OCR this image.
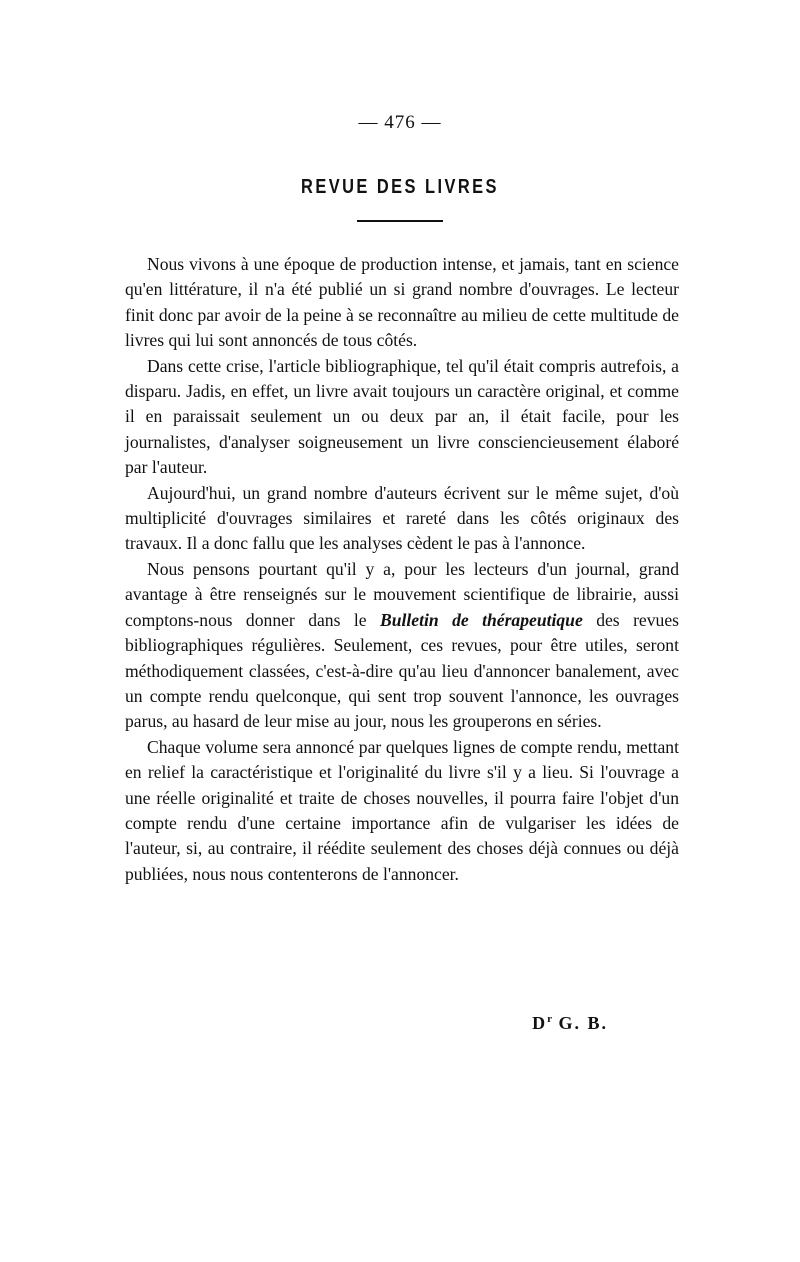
— 476 —
REVUE DES LIVRES

Nous vivons à une époque de production intense, et jamais, tant en science qu'en littérature, il n'a été publié un si grand nombre d'ouvrages. Le lecteur finit donc par avoir de la peine à se reconnaître au milieu de cette multitude de livres qui lui sont annoncés de tous côtés.

Dans cette crise, l'article bibliographique, tel qu'il était compris autrefois, a disparu. Jadis, en effet, un livre avait toujours un caractère original, et comme il en paraissait seulement un ou deux par an, il était facile, pour les journalistes, d'analyser soigneusement un livre consciencieusement élaboré par l'auteur.

Aujourd'hui, un grand nombre d'auteurs écrivent sur le même sujet, d'où multiplicité d'ouvrages similaires et rareté dans les côtés originaux des travaux. Il a donc fallu que les analyses cèdent le pas à l'annonce.

Nous pensons pourtant qu'il y a, pour les lecteurs d'un journal, grand avantage à être renseignés sur le mouvement scientifique de librairie, aussi comptons-nous donner dans le Bulletin de thérapeutique des revues bibliographiques régulières. Seulement, ces revues, pour être utiles, seront méthodiquement classées, c'est-à-dire qu'au lieu d'annoncer banalement, avec un compte rendu quelconque, qui sent trop souvent l'annonce, les ouvrages parus, au hasard de leur mise au jour, nous les grouperons en séries.

Chaque volume sera annoncé par quelques lignes de compte rendu, mettant en relief la caractéristique et l'originalité du livre s'il y a lieu. Si l'ouvrage a une réelle originalité et traite de choses nouvelles, il pourra faire l'objet d'un compte rendu d'une certaine importance afin de vulgariser les idées de l'auteur, si, au contraire, il réédite seulement des choses déjà connues ou déjà publiées, nous nous contenterons de l'annoncer.

$D^r$ G. B.
